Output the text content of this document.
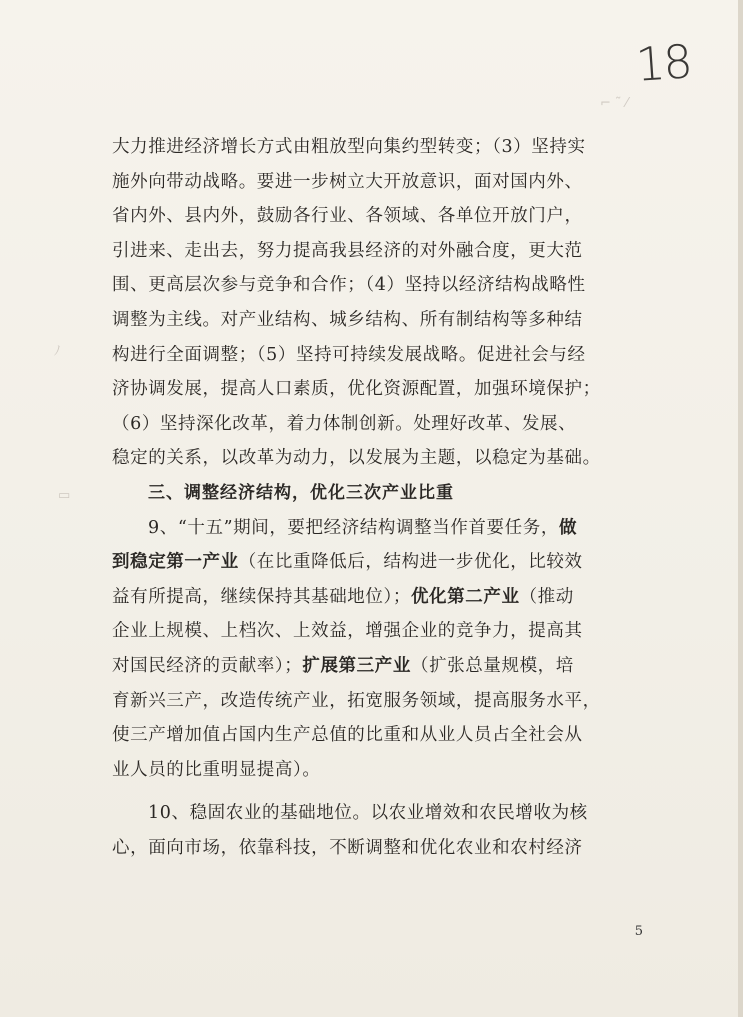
18
⌐ ˜ ⁄
ﾉ
▭
大力推进经济增长方式由粗放型向集约型转变；（3）坚持实
施外向带动战略。要进一步树立大开放意识，面对国内外、
省内外、县内外，鼓励各行业、各领域、各单位开放门户，
引进来、走出去，努力提高我县经济的对外融合度，更大范
围、更高层次参与竞争和合作；（4）坚持以经济结构战略性
调整为主线。对产业结构、城乡结构、所有制结构等多种结
构进行全面调整；（5）坚持可持续发展战略。促进社会与经
济协调发展，提高人口素质，优化资源配置，加强环境保护；
（6）坚持深化改革，着力体制创新。处理好改革、发展、
稳定的关系，以改革为动力，以发展为主题，以稳定为基础。
三、调整经济结构，优化三次产业比重
9、“十五”期间，要把经济结构调整当作首要任务，做
到稳定第一产业（在比重降低后，结构进一步优化，比较效
益有所提高，继续保持其基础地位）；优化第二产业（推动
企业上规模、上档次、上效益，增强企业的竞争力，提高其
对国民经济的贡献率）；扩展第三产业（扩张总量规模，培
育新兴三产，改造传统产业，拓宽服务领域，提高服务水平，
使三产增加值占国内生产总值的比重和从业人员占全社会从
业人员的比重明显提高）。
10、稳固农业的基础地位。以农业增效和农民增收为核
心，面向市场，依靠科技，不断调整和优化农业和农村经济
5
